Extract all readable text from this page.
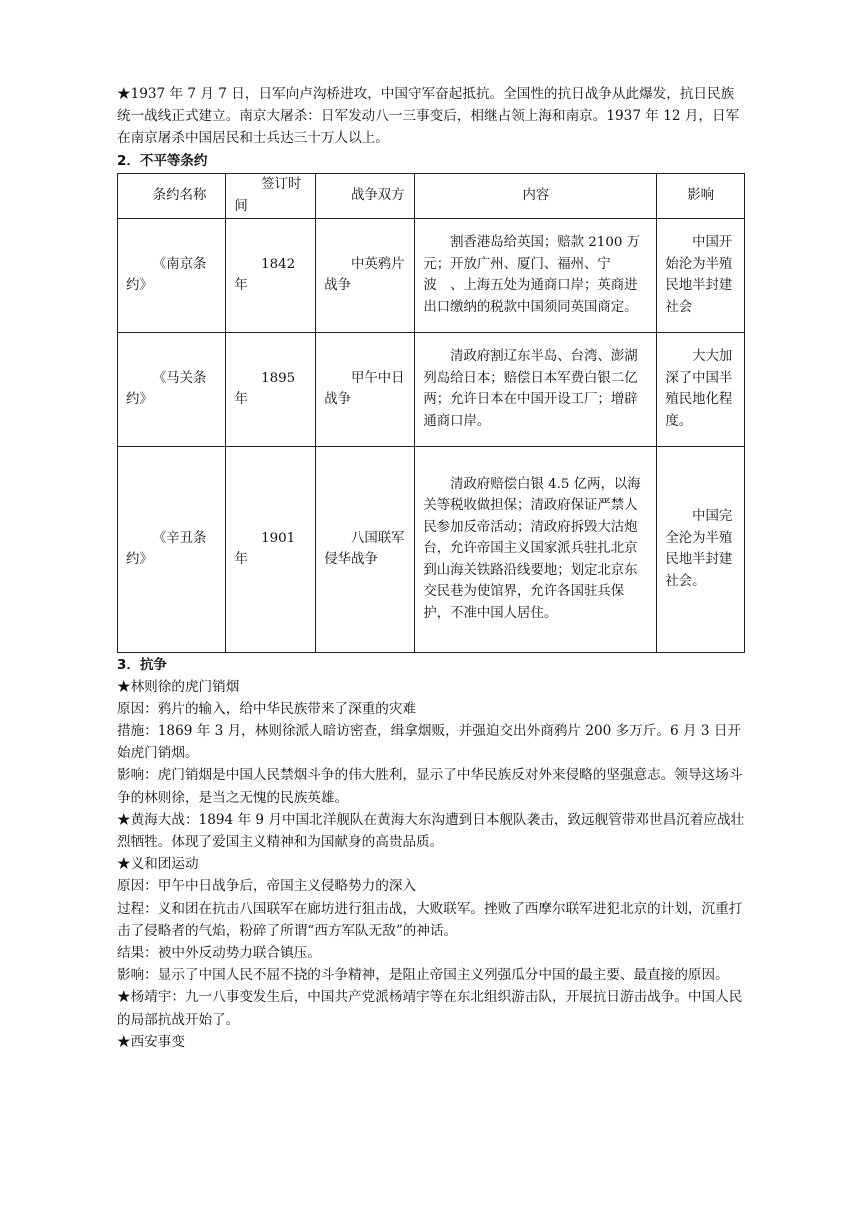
★1937 年 7 月 7 日，日军向卢沟桥进攻，中国守军奋起抵抗。全国性的抗日战争从此爆发，抗日民族统一战线正式建立。南京大屠杀：日军发动八一三事变后，相继占领上海和南京。1937 年 12 月，日军在南京屠杀中国居民和士兵达三十万人以上。

2．不平等条约

条约名称	签订时间	战争双方	内容	影响
《南京条约》	1842年	中英鸦片战争	割香港岛给英国；赔款 2100 万元；开放广州、厦门、福州、宁波　、上海五处为通商口岸；英商进出口缴纳的税款中国须同英国商定。	中国开始沦为半殖民地半封建社会
《马关条约》	1895年	甲午中日战争	清政府割辽东半岛、台湾、澎湖列岛给日本；赔偿日本军费白银二亿　　两；允许日本在中国开设工厂；增辟通商口岸。	大大加深了中国半殖民地化程度。
《辛丑条约》	1901年	八国联军侵华战争	清政府赔偿白银 4.5 亿两，以海关等税收做担保；清政府保证严禁人民参加反帝活动；清政府拆毁大沽炮台，允许帝国主义国家派兵驻扎北京到山海关铁路沿线要地；划定北京东交民巷为使馆界，允许各国驻兵保护，不准中国人居住。	中国完全沦为半殖民地半封建社会。

3．抗争

★林则徐的虎门销烟

原因：鸦片的输入，给中华民族带来了深重的灾难

措施：1869 年 3 月，林则徐派人暗访密查，缉拿烟贩，并强迫交出外商鸦片 200 多万斤。6 月 3 日开始虎门销烟。

影响：虎门销烟是中国人民禁烟斗争的伟大胜利，显示了中华民族反对外来侵略的坚强意志。领导这场斗争的林则徐，是当之无愧的民族英雄。

★黄海大战：1894 年 9 月中国北洋舰队在黄海大东沟遭到日本舰队袭击，致远舰管带邓世昌沉着应战壮烈牺牲。体现了爱国主义精神和为国献身的高贵品质。

★义和团运动

原因：甲午中日战争后，帝国主义侵略势力的深入

过程：义和团在抗击八国联军在廊坊进行狙击战，大败联军。挫败了西摩尔联军进犯北京的计划，沉重打击了侵略者的气焰，粉碎了所谓“西方军队无敌”的神话。

结果：被中外反动势力联合镇压。

影响：显示了中国人民不屈不挠的斗争精神，是阻止帝国主义列强瓜分中国的最主要、最直接的原因。

★杨靖宇：九一八事变发生后，中国共产党派杨靖宇等在东北组织游击队，开展抗日游击战争。中国人民的局部抗战开始了。

★西安事变
